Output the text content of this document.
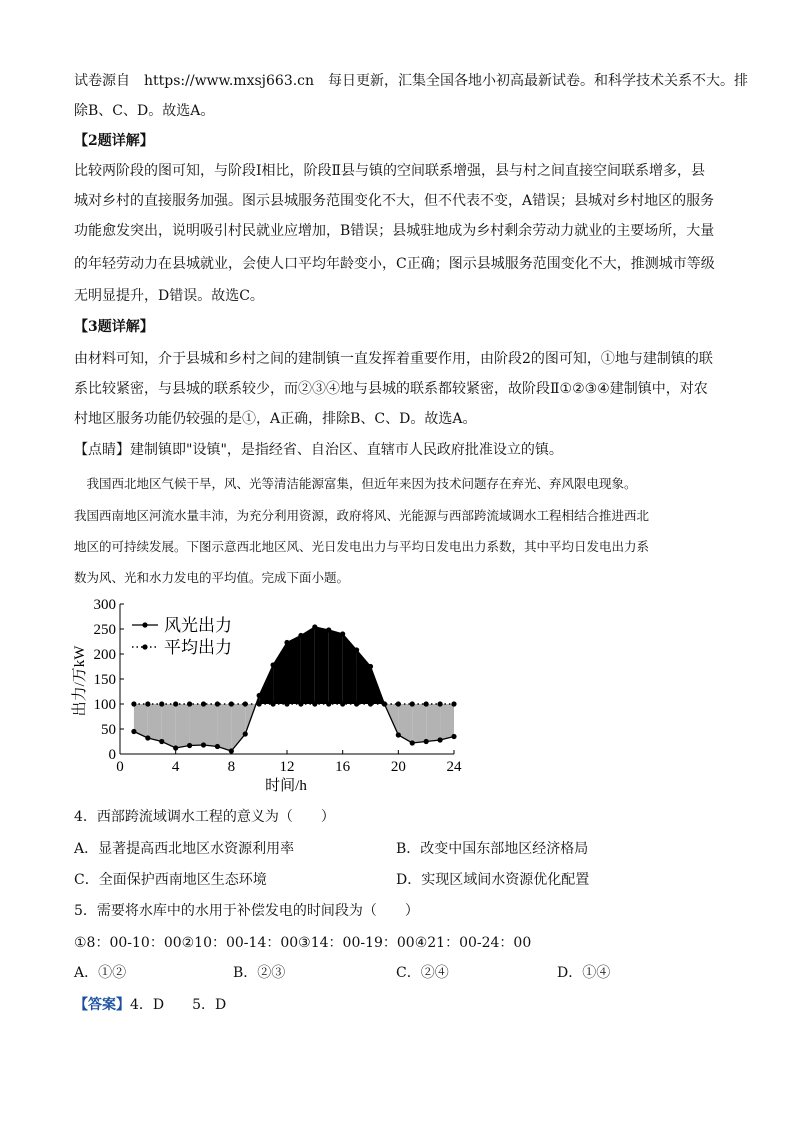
试卷源自　https://www.mxsj663.cn　每日更新，汇集全国各地小初高最新试卷。和科学技术关系不大。排
除B、C、D。故选A。
【2题详解】
比较两阶段的图可知，与阶段Ⅰ相比，阶段Ⅱ县与镇的空间联系增强，县与村之间直接空间联系增多，县
城对乡村的直接服务加强。图示县城服务范围变化不大，但不代表不变，A错误；县城对乡村地区的服务
功能愈发突出，说明吸引村民就业应增加，B错误；县城驻地成为乡村剩余劳动力就业的主要场所，大量
的年轻劳动力在县城就业，会使人口平均年龄变小，C正确；图示县城服务范围变化不大，推测城市等级
无明显提升，D错误。故选C。
【3题详解】
由材料可知，介于县城和乡村之间的建制镇一直发挥着重要作用，由阶段2的图可知，①地与建制镇的联
系比较紧密，与县城的联系较少，而②③④地与县城的联系都较紧密，故阶段Ⅱ①②③④建制镇中，对农
村地区服务功能仍较强的是①，A正确，排除B、C、D。故选A。
【点睛】建制镇即"设镇"，是指经省、自治区、直辖市人民政府批准设立的镇。
　我国西北地区气候干旱，风、光等清洁能源富集，但近年来因为技术问题存在弃光、弃风限电现象。
我国西南地区河流水量丰沛，为充分利用资源，政府将风、光能源与西部跨流域调水工程相结合推进西北
地区的可持续发展。下图示意西北地区风、光日发电出力与平均日发电出力系数，其中平均日发电出力系
数为风、光和水力发电的平均值。完成下面小题。
0	4	8	12	16	20	24
0
50
100
150
200
250
300
风光出力
平均出力
出力/万kW
时间/h
4．西部跨流域调水工程的意义为（　　）
A．显著提高西北地区水资源利用率	B．改变中国东部地区经济格局
C．全面保护西南地区生态环境	D．实现区域间水资源优化配置
5．需要将水库中的水用于补偿发电的时间段为（　　）
①8：00-10：00②10：00-14：00③14：00-19：00④21：00-24：00
A．①②	B．②③	C．②④	D．①④
【答案】4．D　　5．D
